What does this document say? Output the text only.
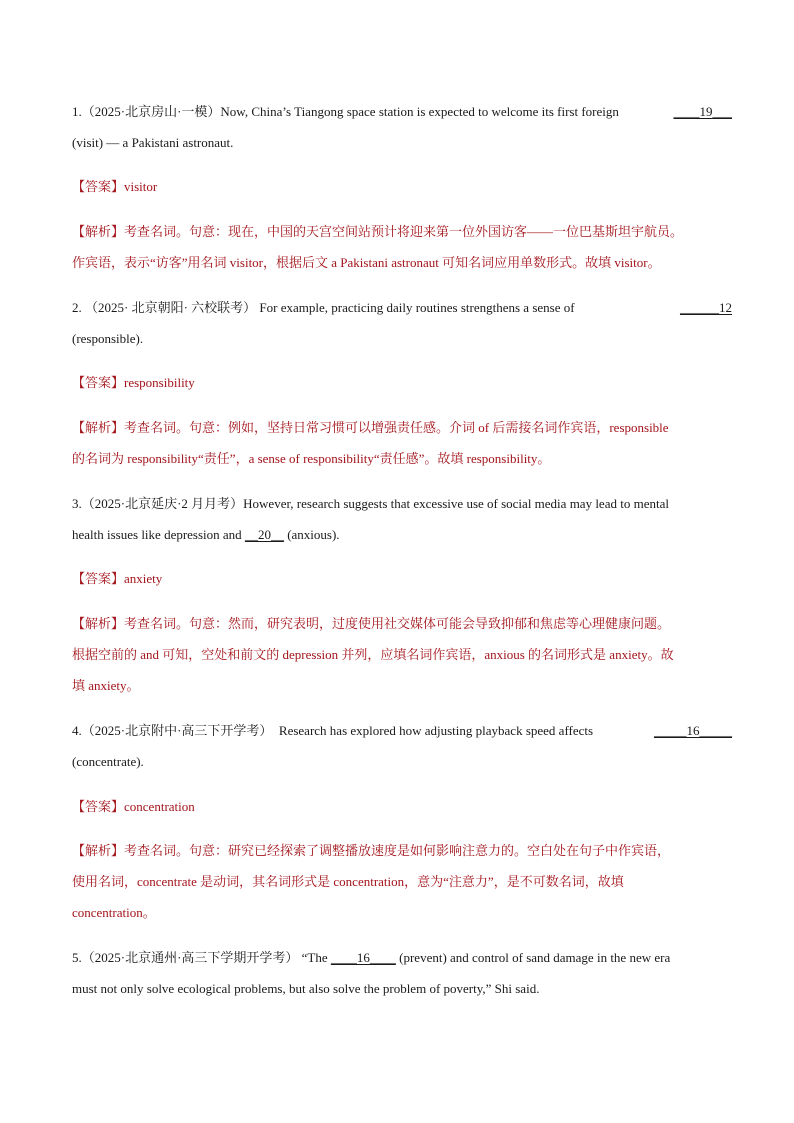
1.（2025·北京房山·一模）Now, China’s Tiangong space station is expected to welcome its first foreign	____19___
(visit) — a Pakistani astronaut.
【答案】visitor
【解析】考查名词。句意：现在，中国的天宫空间站预计将迎来第一位外国访客——一位巴基斯坦宇航员。
作宾语，表示“访客”用名词 visitor，根据后文 a Pakistani astronaut 可知名词应用单数形式。故填 visitor。
2. （2025· 北京朝阳· 六校联考） For example, practicing daily routines strengthens a sense of	______12
(responsible).
【答案】responsibility
【解析】考查名词。句意：例如，坚持日常习惯可以增强责任感。介词 of 后需接名词作宾语，responsible
的名词为 responsibility“责任”，a sense of responsibility“责任感”。故填 responsibility。
3.（2025·北京延庆·2 月月考）However, research suggests that excessive use of social media may lead to mental
health issues like depression and __20__ (anxious).
【答案】anxiety
【解析】考查名词。句意：然而，研究表明，过度使用社交媒体可能会导致抑郁和焦虑等心理健康问题。
根据空前的 and 可知，空处和前文的 depression 并列，应填名词作宾语，anxious 的名词形式是 anxiety。故
填 anxiety。
4.（2025·北京附中·高三下开学考）　Research has explored how adjusting playback speed affects	_____16_____
(concentrate).
【答案】concentration
【解析】考查名词。句意：研究已经探索了调整播放速度是如何影响注意力的。空白处在句子中作宾语，
使用名词，concentrate 是动词，其名词形式是 concentration，意为“注意力”，是不可数名词，故填
concentration。
5.（2025·北京通州·高三下学期开学考） “The ____16____ (prevent) and control of sand damage in the new era
must not only solve ecological problems, but also solve the problem of poverty,” Shi said.
